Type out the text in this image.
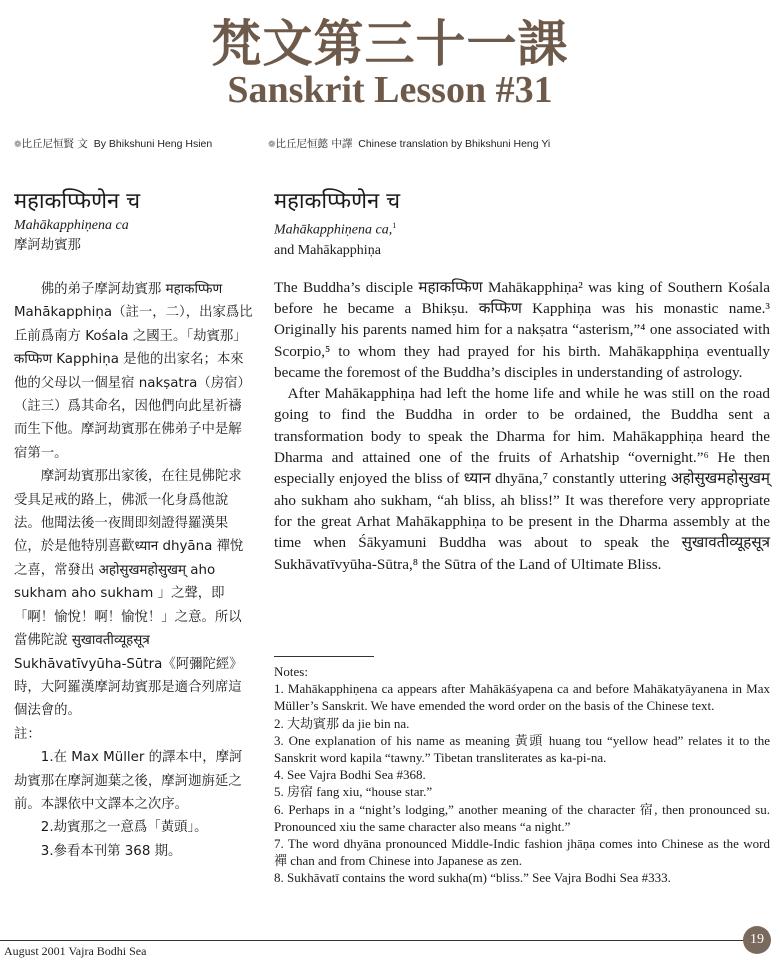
梵文第三十一課
Sanskrit Lesson #31
❁比丘尼恒賢 文 By Bhikshuni Heng Hsien	❁比丘尼恒懿 中譯 Chinese translation by Bhikshuni Heng Yi
महाकप्फिणेन च
Mahākapphiṇena ca
摩訶劫賓那

佛的弟子摩訶劫賓那 महाकप्फिण Mahākapphiṇa（註一，二），出家爲比丘前爲南方 Kośala 之國王。「劫賓那」कप्फिण Kapphiṇa 是他的出家名；本來他的父母以一個星宿 nakṣatra（房宿）（註三）爲其命名，因他們向此星祈禱而生下他。摩訶劫賓那在佛弟子中是解宿第一。

摩訶劫賓那出家後，在往見佛陀求受具足戒的路上，佛派一化身爲他說法。他聞法後一夜間即刻證得羅漢果位，於是他特別喜歡ध्यान dhyāna 禪悅之喜，常發出 अहोसुखमहोसुखम् aho sukham aho sukham 」之聲，即「啊！愉悅！啊！愉悅！」之意。所以當佛陀說 सुखावतीव्यूहसूत्र Sukhāvatīvyūha-Sūtra《阿彌陀經》時，大阿羅漢摩訶劫賓那是適合列席這個法會的。

註：

1.在 Max Müller 的譯本中，摩訶劫賓那在摩訶迦葉之後，摩訶迦旃延之前。本課依中文譯本之次序。

2.劫賓那之一意爲「黃頭」。

3.參看本刊第 368 期。

महाकप्फिणेन च
Mahākapphiṇena ca,$^1$
and Mahākapphiṇa

The Buddha’s disciple महाकप्फिण Mahākapphiṇa² was king of Southern Kośala before he became a Bhikṣu. कप्फिण Kapphiṇa was his monastic name.³ Originally his parents named him for a nakṣatra “asterism,”⁴ one associated with Scorpio,⁵ to whom they had prayed for his birth. Mahākapphiṇa eventually became the foremost of the Buddha’s disciples in understanding of astrology.

After Mahākapphiṇa had left the home life and while he was still on the road going to find the Buddha in order to be ordained, the Buddha sent a transformation body to speak the Dharma for him. Mahākapphiṇa heard the Dharma and attained one of the fruits of Arhatship “overnight.”⁶ He then especially enjoyed the bliss of ध्यान dhyāna,⁷ constantly uttering अहोसुखमहोसुखम् aho sukham aho sukham, “ah bliss, ah bliss!” It was therefore very appropriate for the great Arhat Mahākapphiṇa to be present in the Dharma assembly at the time when Śākyamuni Buddha was about to speak the सुखावतीव्यूहसूत्र Sukhāvatīvyūha-Sūtra,⁸ the Sūtra of the Land of Ultimate Bliss.

Notes:

1. Mahākapphiṇena ca appears after Mahākāśyapena ca and before Mahākatyāyanena in Max Müller’s Sanskrit. We have emended the word order on the basis of the Chinese text.

2. 大劫賓那 da jie bin na.

3. One explanation of his name as meaning 黃頭 huang tou “yellow head” relates it to the Sanskrit word kapila “tawny.” Tibetan transliterates as ka-pi-na.

4. See Vajra Bodhi Sea #368.

5. 房宿 fang xiu, “house star.”

6. Perhaps in a “night’s lodging,” another meaning of the character 宿, then pronounced su. Pronounced xiu the same character also means “a night.”

7. The word dhyāna pronounced Middle-Indic fashion jhāṇa comes into Chinese as the word 禪 chan and from Chinese into Japanese as zen.

8. Sukhāvatī contains the word sukha(m) “bliss.” See Vajra Bodhi Sea #333.

August 2001 Vajra Bodhi Sea
19
